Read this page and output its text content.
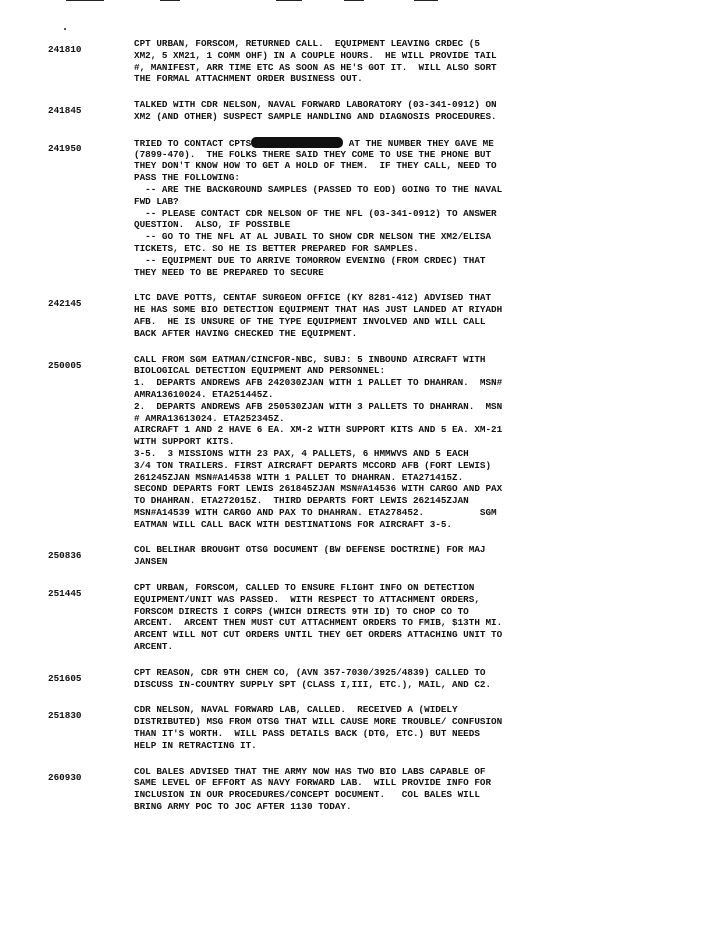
241810
CPT URBAN, FORSCOM, RETURNED CALL.  EQUIPMENT LEAVING CRDEC (5
XM2, 5 XM21, 1 COMM OHF) IN A COUPLE HOURS.  HE WILL PROVIDE TAIL
#, MANIFEST, ARR TIME ETC AS SOON AS HE'S GOT IT.  WILL ALSO SORT
THE FORMAL ATTACHMENT ORDER BUSINESS OUT.
241845
TALKED WITH CDR NELSON, NAVAL FORWARD LABORATORY (03-341-0912) ON
XM2 (AND OTHER) SUSPECT SAMPLE HANDLING AND DIAGNOSIS PROCEDURES.
241950	TRIED TO CONTACT CPTS	AT THE NUMBER THEY GAVE ME
(7899-470).  THE FOLKS THERE SAID THEY COME TO USE THE PHONE BUT
THEY DON'T KNOW HOW TO GET A HOLD OF THEM.  IF THEY CALL, NEED TO
PASS THE FOLLOWING:
-- ARE THE BACKGROUND SAMPLES (PASSED TO EOD) GOING TO THE NAVAL
FWD LAB?
-- PLEASE CONTACT CDR NELSON OF THE NFL (03-341-0912) TO ANSWER
QUESTION.  ALSO, IF POSSIBLE
-- GO TO THE NFL AT AL JUBAIL TO SHOW CDR NELSON THE XM2/ELISA
TICKETS, ETC. SO HE IS BETTER PREPARED FOR SAMPLES.
-- EQUIPMENT DUE TO ARRIVE TOMORROW EVENING (FROM CRDEC) THAT
THEY NEED TO BE PREPARED TO SECURE
242145
LTC DAVE POTTS, CENTAF SURGEON OFFICE (KY 8281-412) ADVISED THAT
HE HAS SOME BIO DETECTION EQUIPMENT THAT HAS JUST LANDED AT RIYADH
AFB.  HE IS UNSURE OF THE TYPE EQUIPMENT INVOLVED AND WILL CALL
BACK AFTER HAVING CHECKED THE EQUIPMENT.
250005
CALL FROM SGM EATMAN/CINCFOR-NBC, SUBJ: 5 INBOUND AIRCRAFT WITH
BIOLOGICAL DETECTION EQUIPMENT AND PERSONNEL:
1.  DEPARTS ANDREWS AFB 242030ZJAN WITH 1 PALLET TO DHAHRAN.  MSN#
AMRA13610024. ETA251445Z.
2.  DEPARTS ANDREWS AFB 250530ZJAN WITH 3 PALLETS TO DHAHRAN.  MSN
# AMRA13613024. ETA252345Z.
AIRCRAFT 1 AND 2 HAVE 6 EA. XM-2 WITH SUPPORT KITS AND 5 EA. XM-21
WITH SUPPORT KITS.
3-5.  3 MISSIONS WITH 23 PAX, 4 PALLETS, 6 HMMWVS AND 5 EACH
3/4 TON TRAILERS. FIRST AIRCRAFT DEPARTS MCCORD AFB (FORT LEWIS)
261245ZJAN MSN#A14538 WITH 1 PALLET TO DHAHRAN. ETA271415Z.
SECOND DEPARTS FORT LEWIS 261845ZJAN MSN#A14536 WITH CARGO AND PAX
TO DHAHRAN. ETA272015Z.  THIRD DEPARTS FORT LEWIS 262145ZJAN
MSN#A14539 WITH CARGO AND PAX TO DHAHRAN. ETA278452.          SGM
EATMAN WILL CALL BACK WITH DESTINATIONS FOR AIRCRAFT 3-5.
250836
COL BELIHAR BROUGHT OTSG DOCUMENT (BW DEFENSE DOCTRINE) FOR MAJ
JANSEN
251445
CPT URBAN, FORSCOM, CALLED TO ENSURE FLIGHT INFO ON DETECTION
EQUIPMENT/UNIT WAS PASSED.  WITH RESPECT TO ATTACHMENT ORDERS,
FORSCOM DIRECTS I CORPS (WHICH DIRECTS 9TH ID) TO CHOP CO TO
ARCENT.  ARCENT THEN MUST CUT ATTACHMENT ORDERS TO FMIB, $13TH MI.
ARCENT WILL NOT CUT ORDERS UNTIL THEY GET ORDERS ATTACHING UNIT TO
ARCENT.
251605
CPT REASON, CDR 9TH CHEM CO, (AVN 357-7030/3925/4839) CALLED TO
DISCUSS IN-COUNTRY SUPPLY SPT (CLASS I,III, ETC.), MAIL, AND C2.
251830
CDR NELSON, NAVAL FORWARD LAB, CALLED.  RECEIVED A (WIDELY
DISTRIBUTED) MSG FROM OTSG THAT WILL CAUSE MORE TROUBLE/ CONFUSION
THAN IT'S WORTH.  WILL PASS DETAILS BACK (DTG, ETC.) BUT NEEDS
HELP IN RETRACTING IT.
260930
COL BALES ADVISED THAT THE ARMY NOW HAS TWO BIO LABS CAPABLE OF
SAME LEVEL OF EFFORT AS NAVY FORWARD LAB.  WILL PROVIDE INFO FOR
INCLUSION IN OUR PROCEDURES/CONCEPT DOCUMENT.   COL BALES WILL
BRING ARMY POC TO JOC AFTER 1130 TODAY.
